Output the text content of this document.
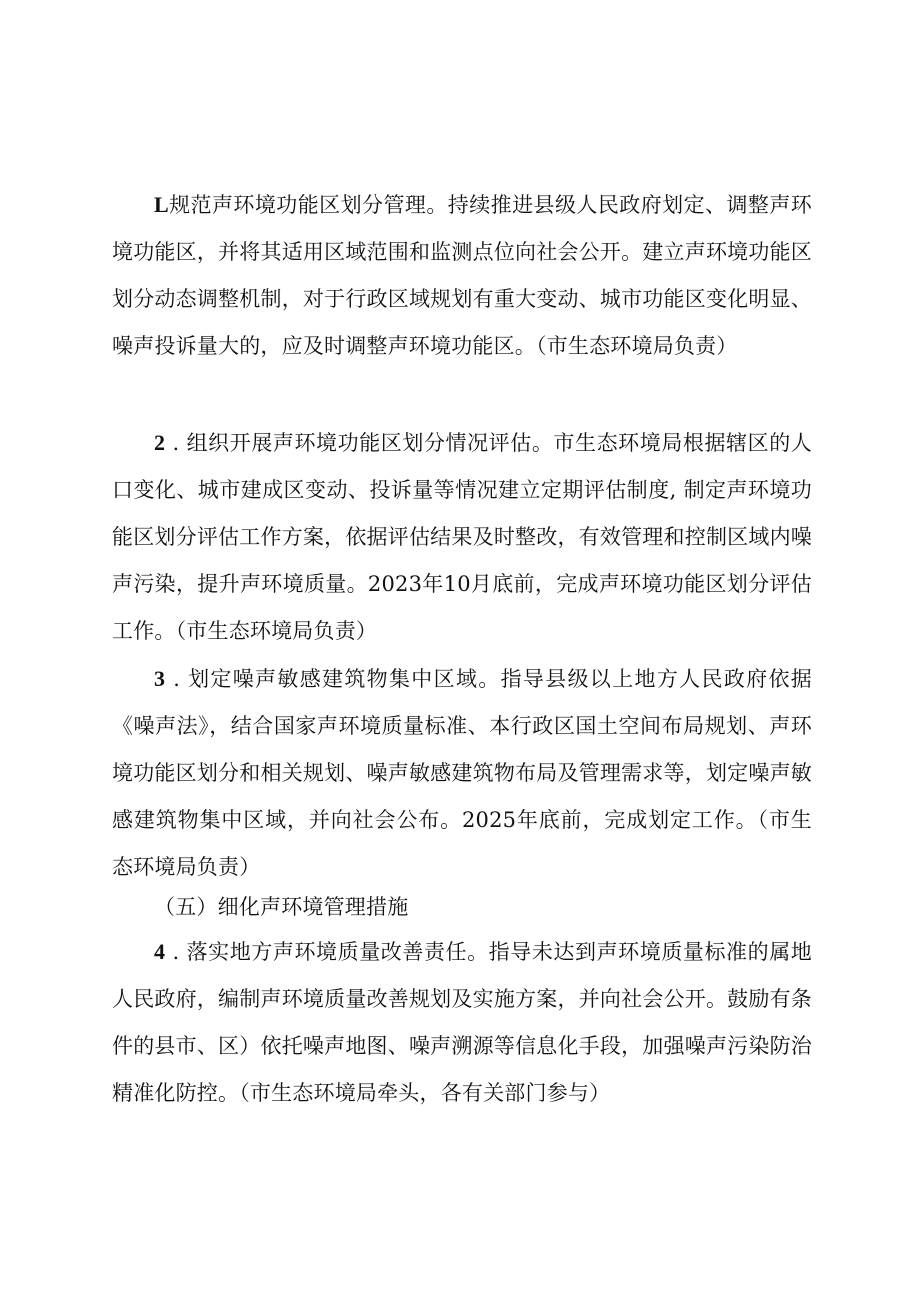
L规范声环境功能区划分管理。持续推进县级人民政府划定、调整声环境功能区，并将其适用区域范围和监测点位向社会公开。建立声环境功能区划分动态调整机制，对于行政区域规划有重大变动、城市功能区变化明显、噪声投诉量大的，应及时调整声环境功能区。（市生态环境局负责）

2 . 组织开展声环境功能区划分情况评估。市生态环境局根据辖区的人口变化、城市建成区变动、投诉量等情况建立定期评估制度, 制定声环境功能区划分评估工作方案，依据评估结果及时整改，有效管理和控制区域内噪声污染，提升声环境质量。2023年10月底前，完成声环境功能区划分评估工作。（市生态环境局负责）

3 . 划定噪声敏感建筑物集中区域。指导县级以上地方人民政府依据《噪声法》，结合国家声环境质量标准、本行政区国土空间布局规划、声环境功能区划分和相关规划、噪声敏感建筑物布局及管理需求等，划定噪声敏感建筑物集中区域，并向社会公布。2025年底前，完成划定工作。（市生态环境局负责）

（五）细化声环境管理措施

4 . 落实地方声环境质量改善责任。指导未达到声环境质量标准的属地人民政府，编制声环境质量改善规划及实施方案，并向社会公开。鼓励有条件的县市、区）依托噪声地图、噪声溯源等信息化手段，加强噪声污染防治精准化防控。（市生态环境局牵头，各有关部门参与）
